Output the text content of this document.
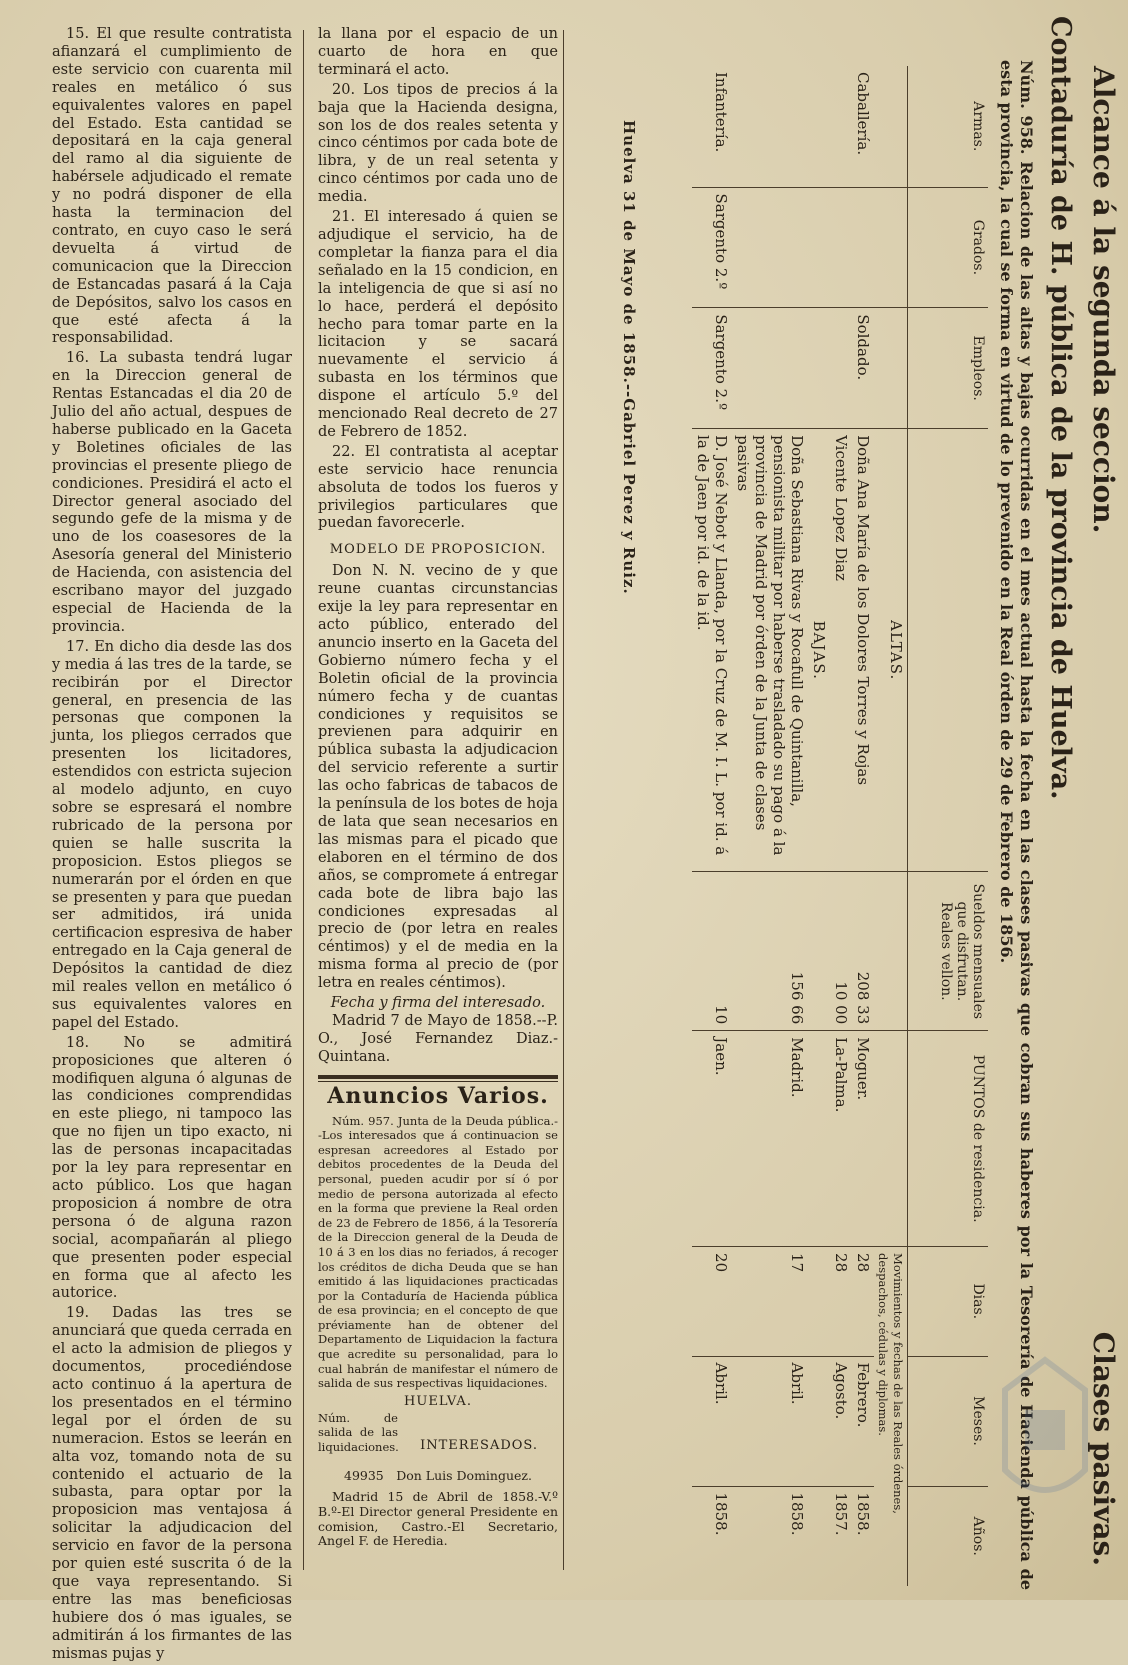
15. El que resulte contratista afianzará el cumplimiento de este servicio con cuarenta mil reales en metálico ó sus equivalentes valores en papel del Estado. Esta cantidad se depositará en la caja general del ramo al dia siguiente de habérsele adjudicado el remate y no podrá disponer de ella hasta la terminacion del contrato, en cuyo caso le será devuelta á virtud de comunicacion que la Direccion de Estancadas pasará á la Caja de Depósitos, salvo los casos en que esté afecta á la responsabilidad.

16. La subasta tendrá lugar en la Direccion general de Rentas Estancadas el dia 20 de Julio del año actual, despues de haberse publicado en la Gaceta y Boletines oficiales de las provincias el presente pliego de condiciones. Presidirá el acto el Director general asociado del segundo gefe de la misma y de uno de los coasesores de la Asesoría general del Ministerio de Hacienda, con asistencia del escribano mayor del juzgado especial de Hacienda de la provincia.

17. En dicho dia desde las dos y media á las tres de la tarde, se recibirán por el Director general, en presencia de las personas que componen la junta, los pliegos cerrados que presenten los licitadores, estendidos con estricta sujecion al modelo adjunto, en cuyo sobre se espresará el nombre rubricado de la persona por quien se halle suscrita la proposicion. Estos pliegos se numerarán por el órden en que se presenten y para que puedan ser admitidos, irá unida certificacion espresiva de haber entregado en la Caja general de Depósitos la cantidad de diez mil reales vellon en metálico ó sus equivalentes valores en papel del Estado.

18. No se admitirá proposiciones que alteren ó modifiquen alguna ó algunas de las condiciones comprendidas en este pliego, ni tampoco las que no fijen un tipo exacto, ni las de personas incapacitadas por la ley para representar en acto público. Los que hagan proposicion á nombre de otra persona ó de alguna razon social, acompañarán al pliego que presenten poder especial en forma que al afecto les autorice.

19. Dadas las tres se anunciará que queda cerrada en el acto la admision de pliegos y documentos, procediéndose acto continuo á la apertura de los presentados en el término legal por el órden de su numeracion. Estos se leerán en alta voz, tomando nota de su contenido el actuario de la subasta, para optar por la proposicion mas ventajosa á solicitar la adjudicacion del servicio en favor de la persona por quien esté suscrita ó de la que vaya representando. Si entre las mas beneficiosas hubiere dos ó mas iguales, se admitirán á los firmantes de las mismas pujas y

la llana por el espacio de un cuarto de hora en que terminará el acto.

20. Los tipos de precios á la baja que la Hacienda designa, son los de dos reales setenta y cinco céntimos por cada bote de libra, y de un real setenta y cinco céntimos por cada uno de media.

21. El interesado á quien se adjudique el servicio, ha de completar la fianza para el dia señalado en la 15 condicion, en la inteligencia de que si así no lo hace, perderá el depósito hecho para tomar parte en la licitacion y se sacará nuevamente el servicio á subasta en los términos que dispone el artículo 5.º del mencionado Real decreto de 27 de Febrero de 1852.

22. El contratista al aceptar este servicio hace renuncia absoluta de todos los fueros y privilegios particulares que puedan favorecerle.

MODELO DE PROPOSICION.

Don N. N. vecino de y que reune cuantas circunstancias exije la ley para representar en acto público, enterado del anuncio inserto en la Gaceta del Gobierno número fecha y el Boletin oficial de la provincia número fecha y de cuantas condiciones y requisitos se previenen para adquirir en pública subasta la adjudicacion del servicio referente a surtir las ocho fabricas de tabacos de la península de los botes de hoja de lata que sean necesarios en las mismas para el picado que elaboren en el término de dos años, se compromete á entregar cada bote de libra bajo las condiciones expresadas al precio de (por letra en reales céntimos) y el de media en la misma forma al precio de (por letra en reales céntimos).

Fecha y firma del interesado.

Madrid 7 de Mayo de 1858.--P. O., José Fernandez Diaz.-Quintana.

Anuncios Varios.

Núm. 957. Junta de la Deuda pública.--Los interesados que á continuacion se espresan acreedores al Estado por debitos procedentes de la Deuda del personal, pueden acudir por sí ó por medio de persona autorizada al efecto en la forma que previene la Real orden de 23 de Febrero de 1856, á la Tesorería de la Direccion general de la Deuda de 10 á 3 en los dias no feriados, á recoger los créditos de dicha Deuda que se han emitido á las liquidaciones practicadas por la Contaduría de Hacienda pública de esa provincia; en el concepto de que préviamente han de obtener del Departamento de Liquidacion la factura que acredite su personalidad, para lo cual habrán de manifestar el número de salida de sus respectivas liquidaciones.

HUELVA.
Núm. de salida de las liquidaciones. INTERESADOS.
49935 Don Luis Dominguez.

Madrid 15 de Abril de 1858.-V.º B.º-El Director general Presidente en comision, Castro.-El Secretario, Angel F. de Heredia.

Alcance á la segunda seccion.
Clases pasivas.
Contaduría de H. pública de la provincia de Huelva.
Núm. 958. Relacion de las altas y bajas ocurridas en el mes actual hasta la fecha en las clases pasivas que cobran sus haberes por la Tesorería de Hacienda pública de esta provincia, la cual se forma en virtud de lo prevenido en la Real órden de 29 de Febrero de 1856.
Armas.	Grados.	Empleos.		Sueldos mensuales que disfrutan. Reales vellon.	PUNTOS de residencia.	Dias.	Meses.	Años.
			ALTAS.			Movimientos y fechas de las Reales órdenes, despachos, cédulas y diplomas.		
Caballería.		Soldado.	Doña Ana María de los Dolores Torres y Rojas	208 33	Moguer.	28	Febrero.	1858.
			Vicente Lopez Diaz	10 00	La-Palma.	28	Agosto.	1857.
			BAJAS.					
			Doña Sebastiana Rivas y Rocafull de Quintanilla, pensionista militar por haberse trasladado su pago á la provincia de Madrid por órden de la Junta de clases pasivas	156 66	Madrid.	17	Abril.	1858.
Infantería.	Sargento 2.º	Sargento 2.º	D. José Nebot y Llanda, por la Cruz de M. I. L. por id. á la de Jaen por id. de la id.	10	Jaen.	20	Abril.	1858.
Huelva 31 de Mayo de 1858.--Gabriel Perez y Ruiz.
